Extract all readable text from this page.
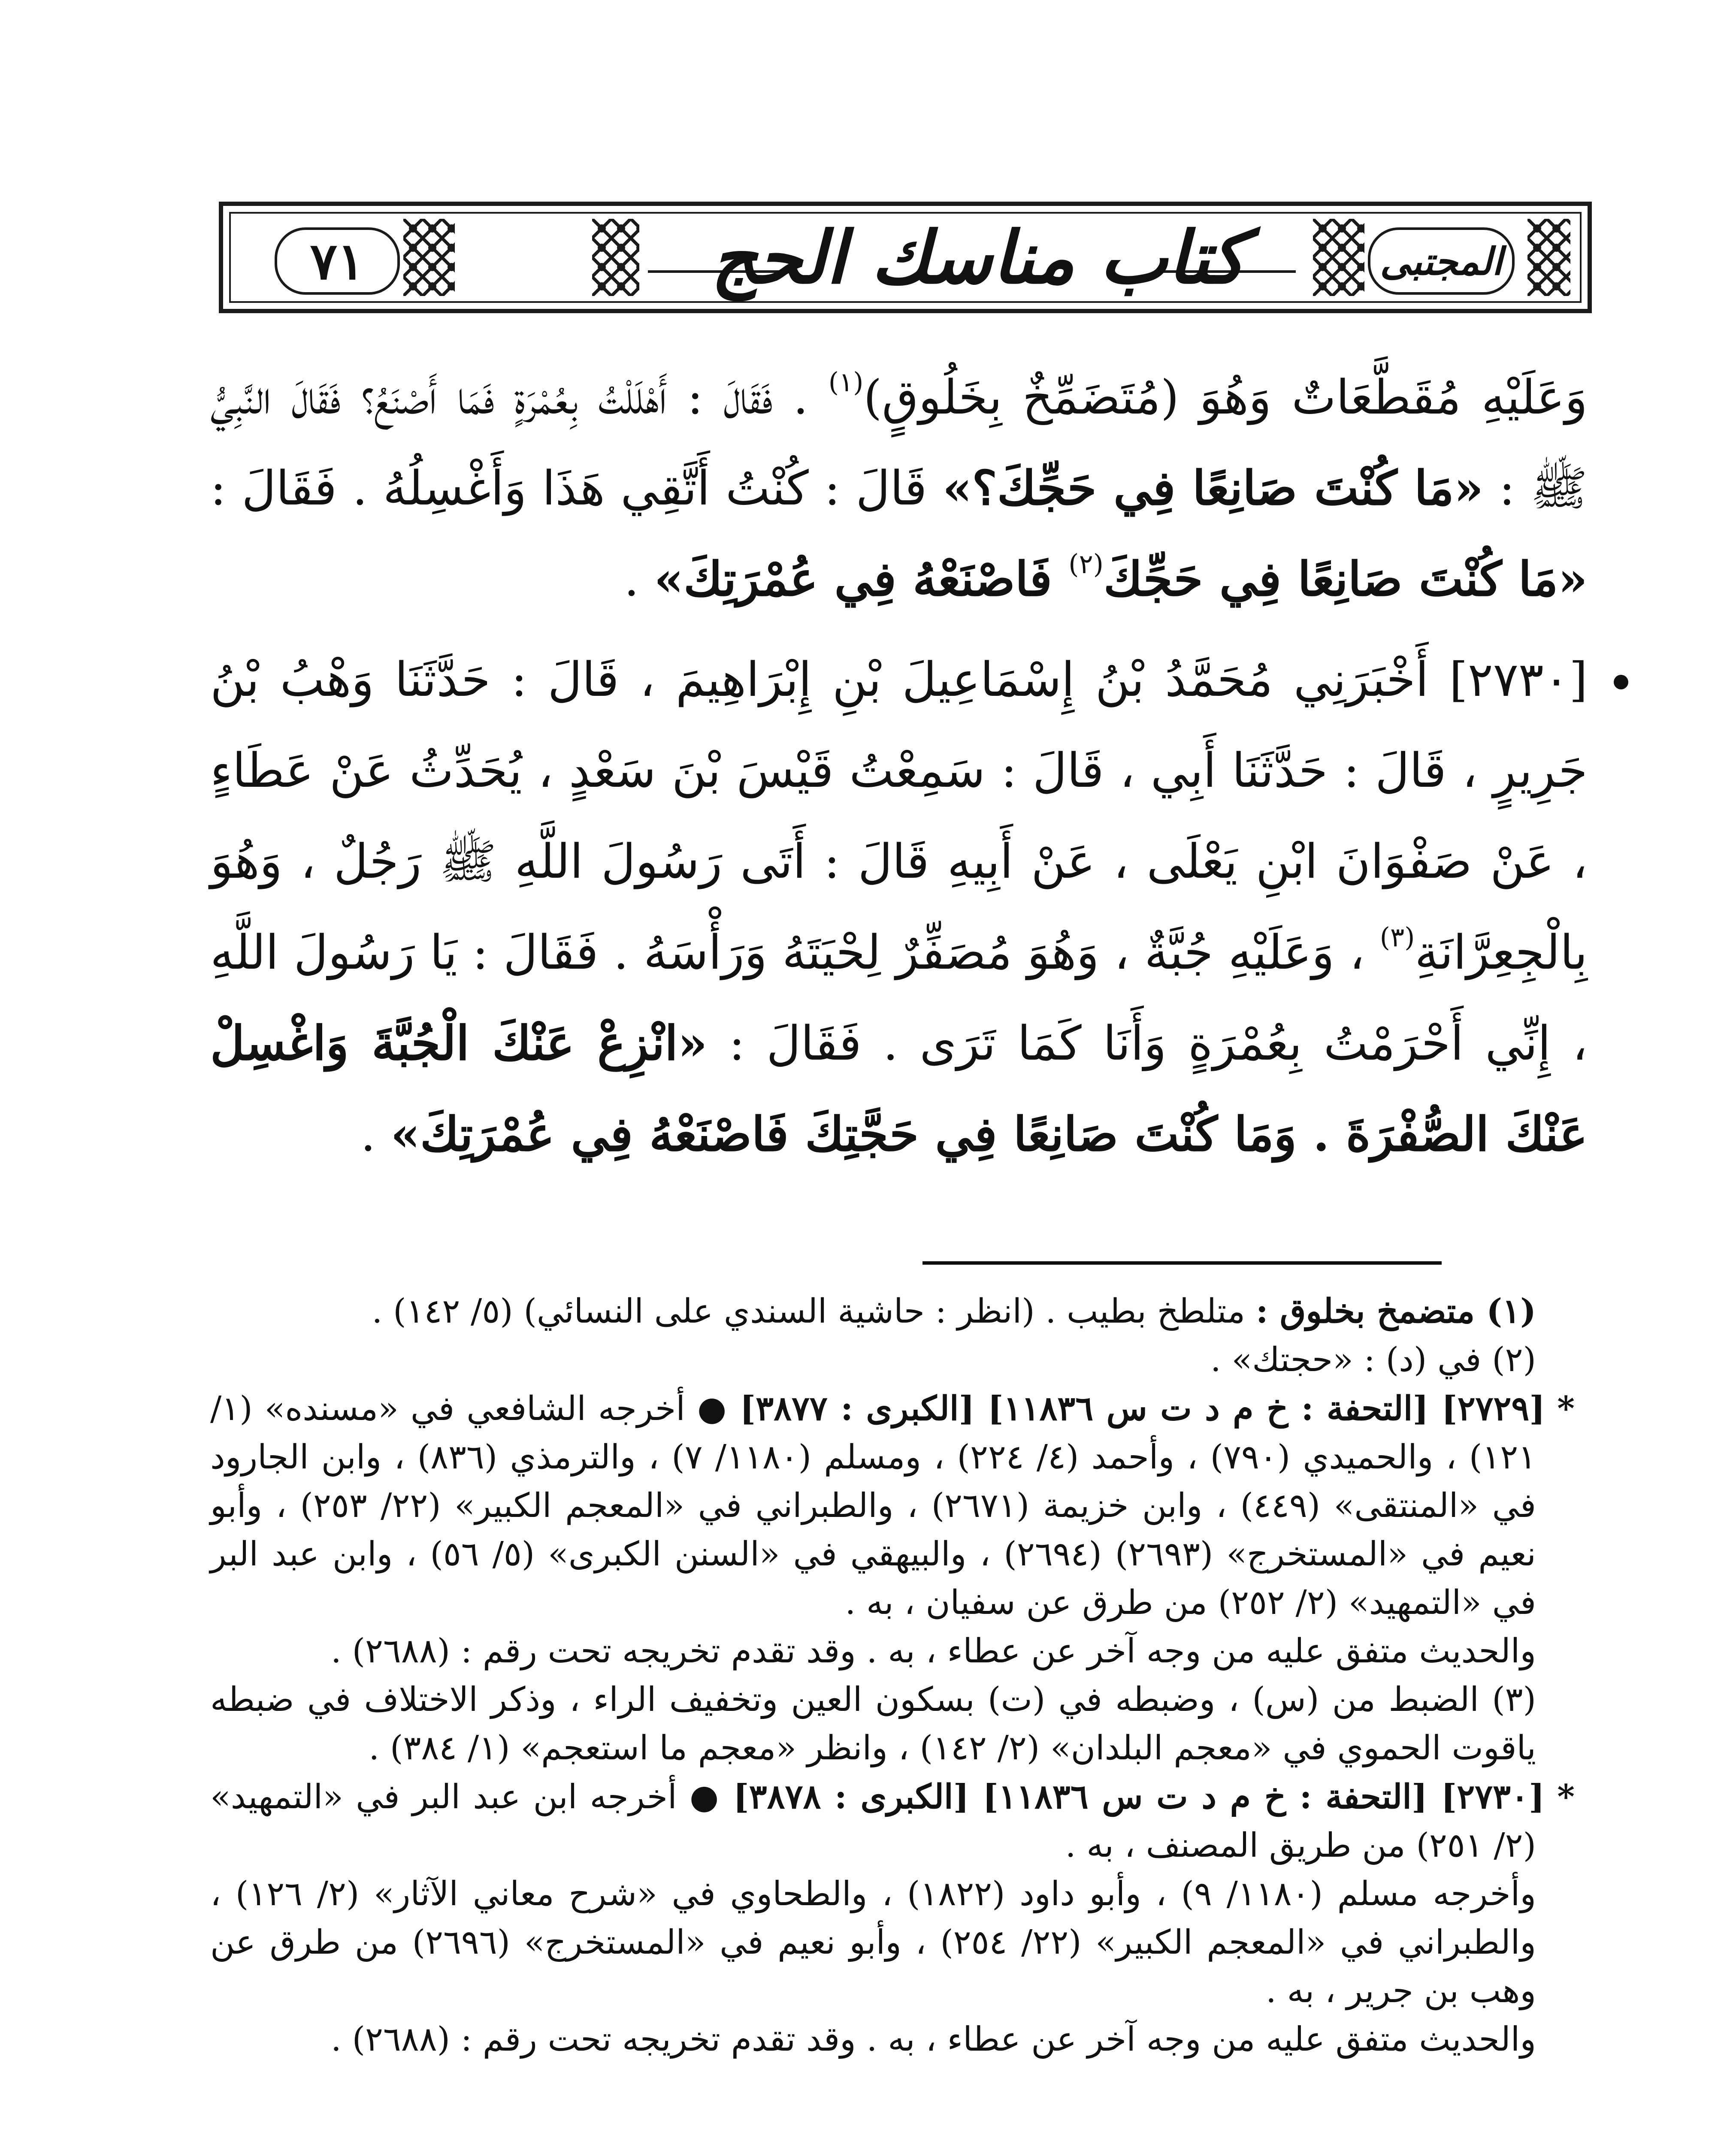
٧١	كتاب مناسك الحج	المجتبى

وَعَلَيْهِ مُقَطَّعَاتٌ وَهُوَ (مُتَضَمِّخٌ بِخَلُوقٍ)$^{(١)}$ . فَقَالَ : أَهْلَلْتُ بِعُمْرَةٍ فَمَا أَصْنَعُ؟ فَقَالَ النَّبِيُّ ﷺ : «مَا كُنْتَ صَانِعًا فِي حَجِّكَ؟» قَالَ : كُنْتُ أَتَّقِي هَذَا وَأَغْسِلُهُ . فَقَالَ : «مَا كُنْتَ صَانِعًا فِي حَجِّكَ$^{(٢)}$ فَاصْنَعْهُ فِي عُمْرَتِكَ» .

[٢٧٣٠] أَخْبَرَنِي مُحَمَّدُ بْنُ إِسْمَاعِيلَ بْنِ إِبْرَاهِيمَ ، قَالَ : حَدَّثَنَا وَهْبُ بْنُ جَرِيرٍ ، قَالَ : حَدَّثَنَا أَبِي ، قَالَ : سَمِعْتُ قَيْسَ بْنَ سَعْدٍ ، يُحَدِّثُ عَنْ عَطَاءٍ ، عَنْ صَفْوَانَ ابْنِ يَعْلَى ، عَنْ أَبِيهِ قَالَ : أَتَى رَسُولَ اللَّهِ ﷺ رَجُلٌ ، وَهُوَ بِالْجِعِرَّانَةِ$^{(٣)}$ ، وَعَلَيْهِ جُبَّةٌ ، وَهُوَ مُصَفِّرٌ لِحْيَتَهُ وَرَأْسَهُ . فَقَالَ : يَا رَسُولَ اللَّهِ ، إِنِّي أَحْرَمْتُ بِعُمْرَةٍ وَأَنَا كَمَا تَرَى . فَقَالَ : «انْزِعْ عَنْكَ الْجُبَّةَ وَاغْسِلْ عَنْكَ الصُّفْرَةَ . وَمَا كُنْتَ صَانِعًا فِي حَجَّتِكَ فَاصْنَعْهُ فِي عُمْرَتِكَ» .

(١) متضمخ بخلوق : متلطخ بطيب . (انظر : حاشية السندي على النسائي) (٥/ ١٤٢) .

(٢) في (د) : «حجتك» .

* [٢٧٢٩] [التحفة : خ م د ت س ١١٨٣٦] [الكبرى : ٣٨٧٧] ● أخرجه الشافعي في «مسنده» (١/ ١٢١) ، والحميدي (٧٩٠) ، وأحمد (٤/ ٢٢٤) ، ومسلم (١١٨٠/ ٧) ، والترمذي (٨٣٦) ، وابن الجارود في «المنتقى» (٤٤٩) ، وابن خزيمة (٢٦٧١) ، والطبراني في «المعجم الكبير» (٢٢/ ٢٥٣) ، وأبو نعيم في «المستخرج» (٢٦٩٣) (٢٦٩٤) ، والبيهقي في «السنن الكبرى» (٥/ ٥٦) ، وابن عبد البر في «التمهيد» (٢/ ٢٥٢) من طرق عن سفيان ، به .

والحديث متفق عليه من وجه آخر عن عطاء ، به . وقد تقدم تخريجه تحت رقم : (٢٦٨٨) .

(٣) الضبط من (س) ، وضبطه في (ت) بسكون العين وتخفيف الراء ، وذكر الاختلاف في ضبطه ياقوت الحموي في «معجم البلدان» (٢/ ١٤٢) ، وانظر «معجم ما استعجم» (١/ ٣٨٤) .

* [٢٧٣٠] [التحفة : خ م د ت س ١١٨٣٦] [الكبرى : ٣٨٧٨] ● أخرجه ابن عبد البر في «التمهيد» (٢/ ٢٥١) من طريق المصنف ، به .

وأخرجه مسلم (١١٨٠/ ٩) ، وأبو داود (١٨٢٢) ، والطحاوي في «شرح معاني الآثار» (٢/ ١٢٦) ، والطبراني في «المعجم الكبير» (٢٢/ ٢٥٤) ، وأبو نعيم في «المستخرج» (٢٦٩٦) من طرق عن وهب بن جرير ، به .

والحديث متفق عليه من وجه آخر عن عطاء ، به . وقد تقدم تخريجه تحت رقم : (٢٦٨٨) .
